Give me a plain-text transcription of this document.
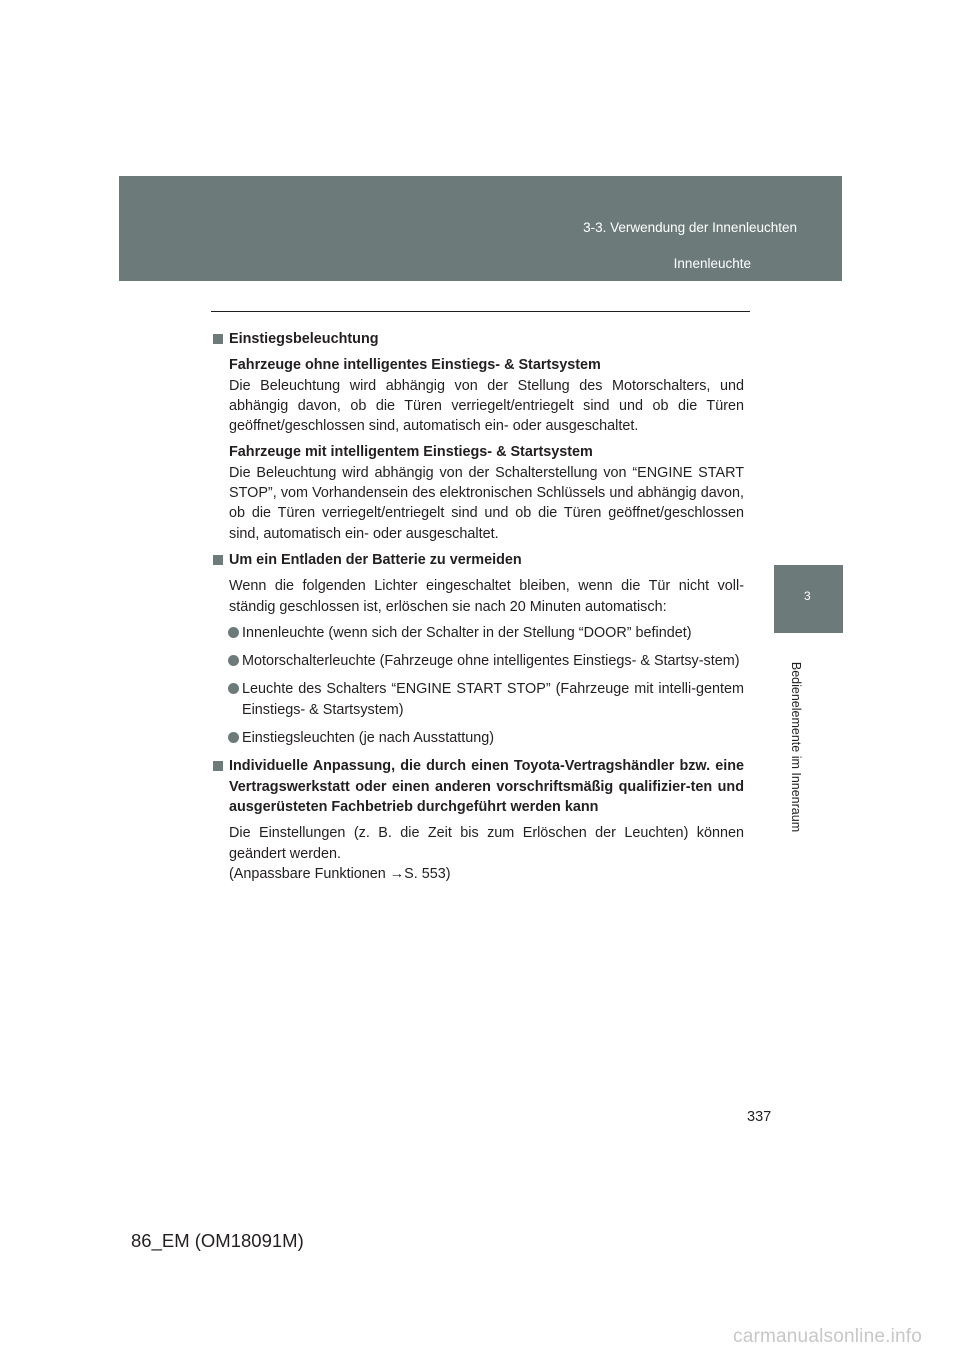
3-3. Verwendung der Innenleuchten
Innenleuchte
3
Bedienelemente im Innenraum
Einstiegsbeleuchtung

Fahrzeuge ohne intelligentes Einstiegs- & Startsystem
Die Beleuchtung wird abhängig von der Stellung des Motorschalters, und abhängig davon, ob die Türen verriegelt/entriegelt sind und ob die Türen geöffnet/geschlossen sind, automatisch ein- oder ausgeschaltet.

Fahrzeuge mit intelligentem Einstiegs- & Startsystem
Die Beleuchtung wird abhängig von der Schalterstellung von “ENGINE START STOP”, vom Vorhandensein des elektronischen Schlüssels und abhängig davon, ob die Türen verriegelt/entriegelt sind und ob die Türen geöffnet/geschlossen sind, automatisch ein- oder ausgeschaltet.

Um ein Entladen der Batterie zu vermeiden

Wenn die folgenden Lichter eingeschaltet bleiben, wenn die Tür nicht voll-ständig geschlossen ist, erlöschen sie nach 20 Minuten automatisch:

Innenleuchte (wenn sich der Schalter in der Stellung “DOOR” befindet)
Motorschalterleuchte (Fahrzeuge ohne intelligentes Einstiegs- & Startsy-stem)
Leuchte des Schalters “ENGINE START STOP” (Fahrzeuge mit intelli-gentem Einstiegs- & Startsystem)
Einstiegsleuchten (je nach Ausstattung)
Individuelle Anpassung, die durch einen Toyota-Vertragshändler bzw. eine Vertragswerkstatt oder einen anderen vorschriftsmäßig qualifizier-ten und ausgerüsteten Fachbetrieb durchgeführt werden kann

Die Einstellungen (z. B. die Zeit bis zum Erlöschen der Leuchten) können geändert werden.
(Anpassbare Funktionen →S. 553)

337
86_EM (OM18091M)
carmanualsonline.info
